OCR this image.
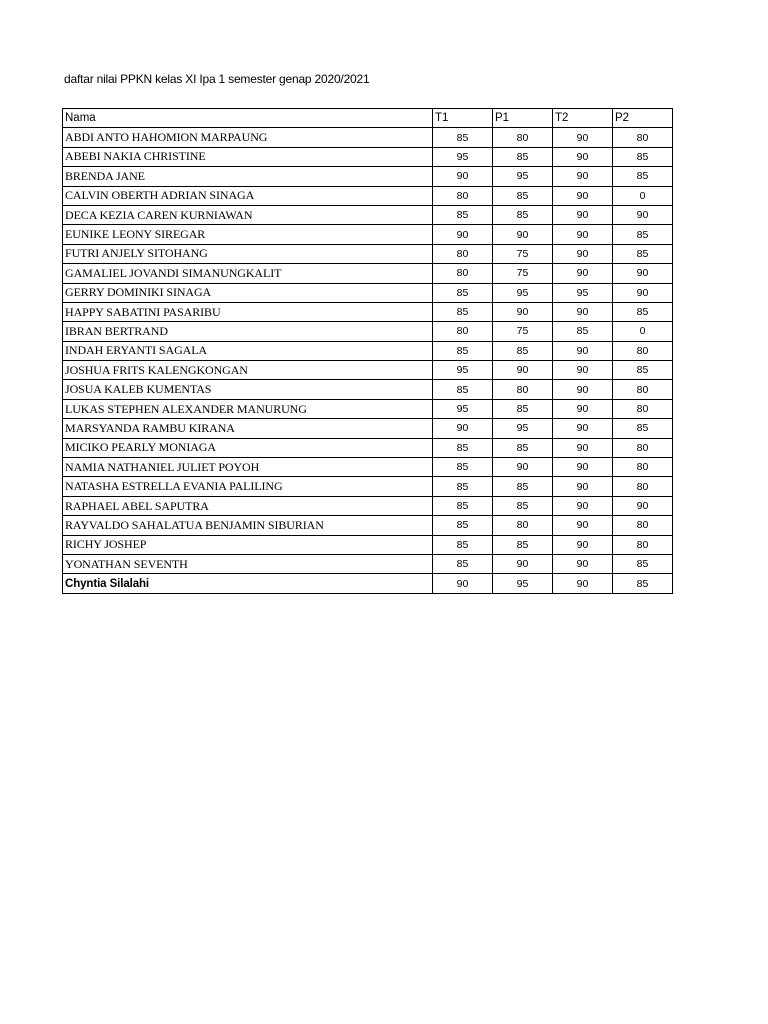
daftar nilai PPKN kelas XI Ipa 1 semester genap 2020/2021
Nama	T1	P1	T2	P2
ABDI ANTO HAHOMION MARPAUNG	85	80	90	80
ABEBI NAKIA CHRISTINE	95	85	90	85
BRENDA JANE	90	95	90	85
CALVIN OBERTH ADRIAN SINAGA	80	85	90	0
DECA KEZIA CAREN KURNIAWAN	85	85	90	90
EUNIKE LEONY SIREGAR	90	90	90	85
FUTRI ANJELY SITOHANG	80	75	90	85
GAMALIEL JOVANDI SIMANUNGKALIT	80	75	90	90
GERRY DOMINIKI SINAGA	85	95	95	90
HAPPY SABATINI PASARIBU	85	90	90	85
IBRAN BERTRAND	80	75	85	0
INDAH ERYANTI SAGALA	85	85	90	80
JOSHUA FRITS KALENGKONGAN	95	90	90	85
JOSUA KALEB KUMENTAS	85	80	90	80
LUKAS STEPHEN ALEXANDER MANURUNG	95	85	90	80
MARSYANDA RAMBU KIRANA	90	95	90	85
MICIKO PEARLY MONIAGA	85	85	90	80
NAMIA NATHANIEL JULIET POYOH	85	90	90	80
NATASHA ESTRELLA EVANIA PALILING	85	85	90	80
RAPHAEL ABEL SAPUTRA	85	85	90	90
RAYVALDO SAHALATUA BENJAMIN SIBURIAN	85	80	90	80
RICHY JOSHEP	85	85	90	80
YONATHAN SEVENTH	85	90	90	85
Chyntia Silalahi	90	95	90	85
